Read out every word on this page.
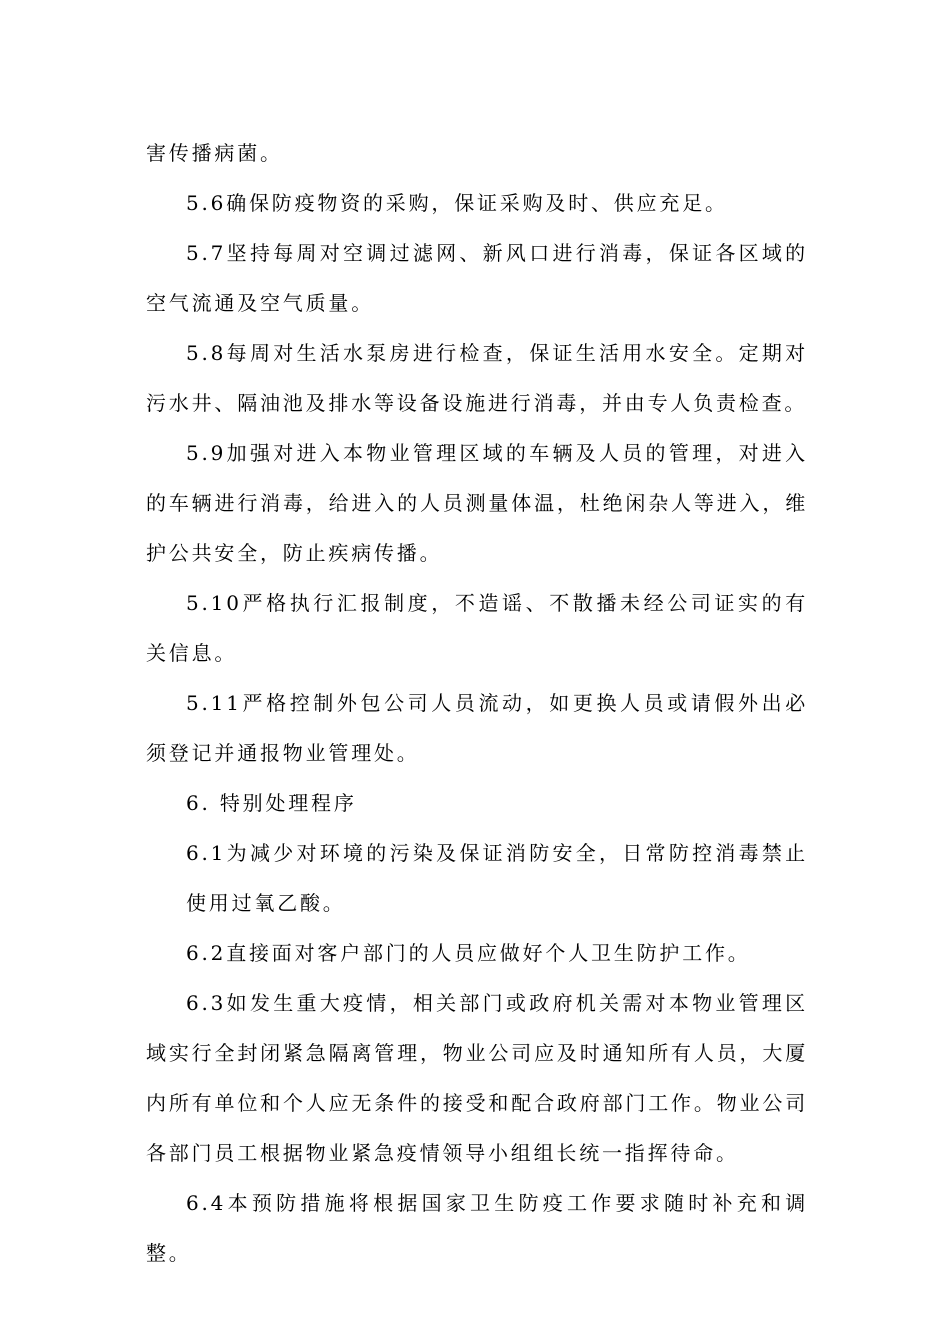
害传播病菌。

5.6确保防疫物资的采购，保证采购及时、供应充足。

5.7坚持每周对空调过滤网、新风口进行消毒，保证各区域的空气流通及空气质量。

5.8每周对生活水泵房进行检查，保证生活用水安全。定期对污水井、隔油池及排水等设备设施进行消毒，并由专人负责检查。

5.9加强对进入本物业管理区域的车辆及人员的管理，对进入的车辆进行消毒，给进入的人员测量体温，杜绝闲杂人等进入，维护公共安全，防止疾病传播。

5.10严格执行汇报制度，不造谣、不散播未经公司证实的有关信息。

5.11严格控制外包公司人员流动，如更换人员或请假外出必须登记并通报物业管理处。

6. 特别处理程序

6.1为减少对环境的污染及保证消防安全，日常防控消毒禁止使用过氧乙酸。

6.2直接面对客户部门的人员应做好个人卫生防护工作。

6.3如发生重大疫情，相关部门或政府机关需对本物业管理区域实行全封闭紧急隔离管理，物业公司应及时通知所有人员，大厦内所有单位和个人应无条件的接受和配合政府部门工作。物业公司各部门员工根据物业紧急疫情领导小组组长统一指挥待命。

6.4本预防措施将根据国家卫生防疫工作要求随时补充和调整。
